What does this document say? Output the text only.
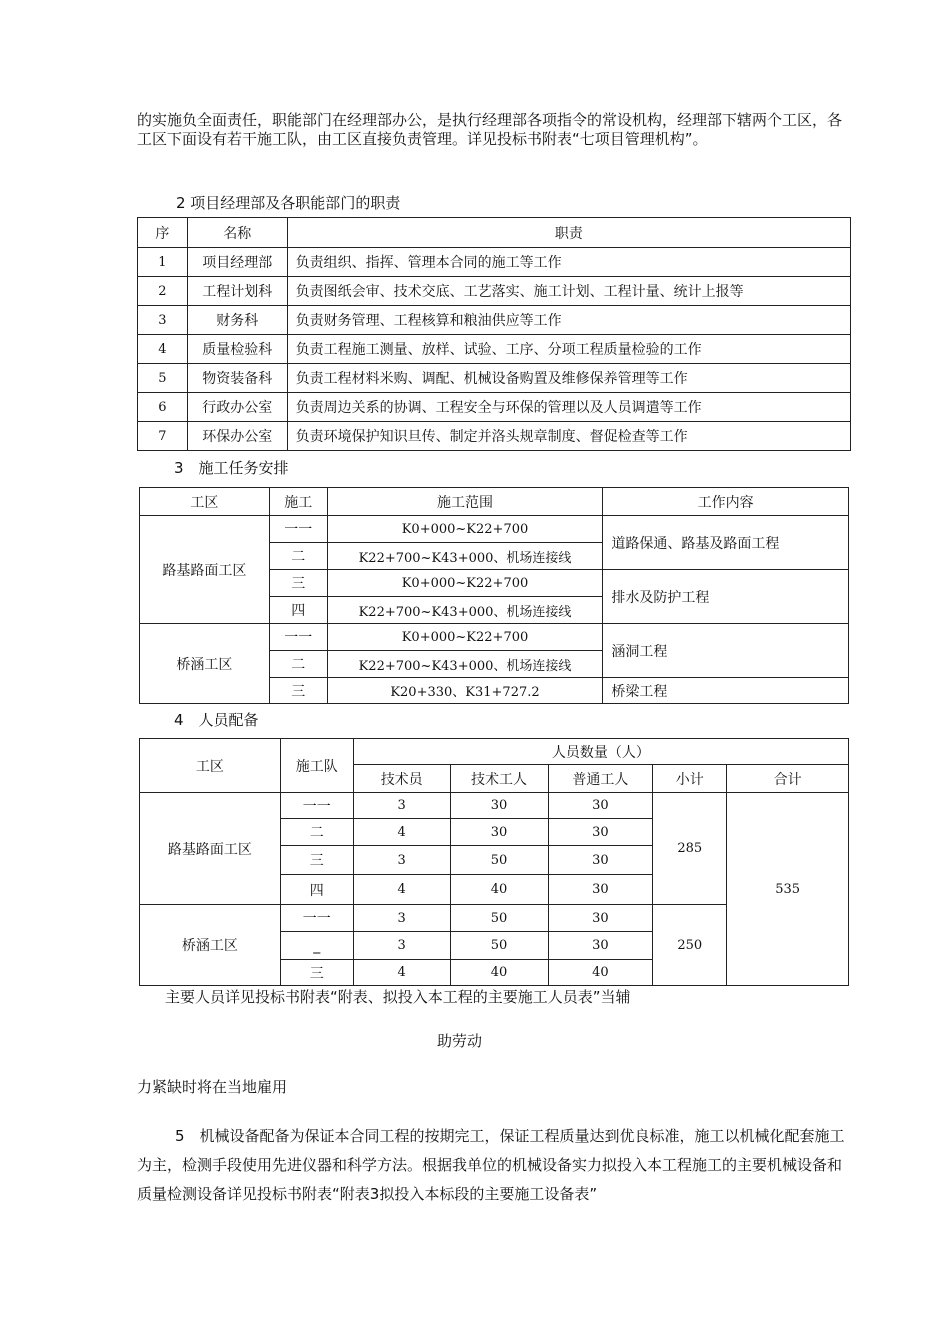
的实施负全面责任，职能部门在经理部办公，是执行经理部各项指令的常设机构，经理部下辖两个工区，各工区下面设有若干施工队，由工区直接负责管理。详见投标书附表“七项目管理机构”。
2 项目经理部及各职能部门的职责
序	名称	职责
1	项目经理部	负责组织、指挥、管理本合同的施工等工作
2	工程计划科	负责图纸会审、技术交底、工艺落实、施工计划、工程计量、统计上报等
3	财务科	负责财务管理、工程核算和粮油供应等工作
4	质量检验科	负责工程施工测量、放样、试验、工序、分项工程质量检验的工作
5	物资装备科	负责工程材料米购、调配、机械设备购置及维修保养管理等工作
6	行政办公室	负责周边关系的协调、工程安全与环保的管理以及人员调遣等工作
7	环保办公室	负责环境保护知识旦传、制定并洛头规章制度、督促检查等工作
3　施工任务安排
工区	施工	施工范围	工作内容
路基路面工区	一一	K0+000~K22+700	道路保通、路基及路面工程
	二	K22+700~K43+000、机场连接线	
	三	K0+000~K22+700	排水及防护工程
	四	K22+700~K43+000、机场连接线	
桥涵工区	一一	K0+000~K22+700	涵洞工程
	二	K22+700~K43+000、机场连接线	
	三	K20+330、K31+727.2	桥梁工程
4　人员配备
工区	施工队	人员数量（人）				
		技术员	技术工人	普通工人	小计	合计
路基路面工区	一一	3	30	30	285	535
	二	4	30	30		
	三	3	50	30		
	四	4	40	30		
桥涵工区	一一	3	50	30	250	
	_	3	50	30		
	三	4	40	40		
主要人员详见投标书附表“附表、拟投入本工程的主要施工人员表”当辅
助劳动
力紧缺时将在当地雇用
5　机械设备配备为保证本合同工程的按期完工，保证工程质量达到优良标准，施工以机械化配套施工为主，检测手段使用先进仪器和科学方法。根据我单位的机械设备实力拟投入本工程施工的主要机械设备和质量检测设备详见投标书附表“附表3拟投入本标段的主要施工设备表”
